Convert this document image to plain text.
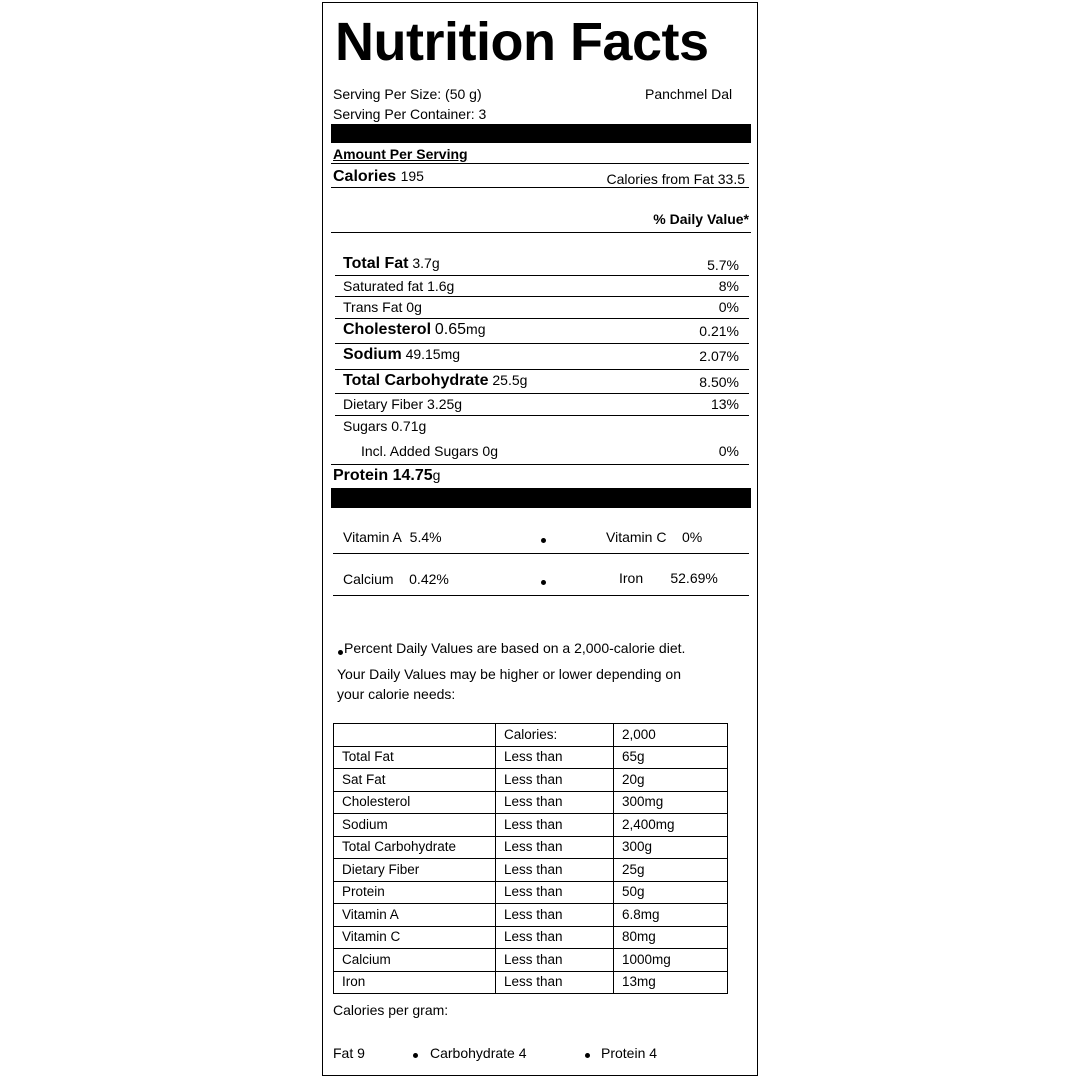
Nutrition Facts
Serving Per Size: (50 g)
Serving Per Container: 3
Panchmel Dal
Amount Per Serving
Calories 195	Calories from Fat 33.5
% Daily Value*
Total Fat 3.7g	5.7%
Saturated fat 1.6g	8%
Trans Fat 0g	0%
Cholesterol 0.65mg	0.21%
Sodium 49.15mg	2.07%
Total Carbohydrate 25.5g	8.50%
Dietary Fiber 3.25g	13%
Sugars 0.71g
Incl. Added Sugars 0g	0%
Protein 14.75g
Vitamin A 5.4%	Vitamin C 0%
Calcium 0.42%	Iron 52.69%
Percent Daily Values are based on a 2,000-calorie diet.
Your Daily Values may be higher or lower depending on
your calorie needs:
	Calories:	2,000
Total Fat	Less than	65g
Sat Fat	Less than	20g
Cholesterol	Less than	300mg
Sodium	Less than	2,400mg
Total Carbohydrate	Less than	300g
Dietary Fiber	Less than	25g
Protein	Less than	50g
Vitamin A	Less than	6.8mg
Vitamin C	Less than	80mg
Calcium	Less than	1000mg
Iron	Less than	13mg
Calories per gram:
Fat 9	Carbohydrate 4	Protein 4
